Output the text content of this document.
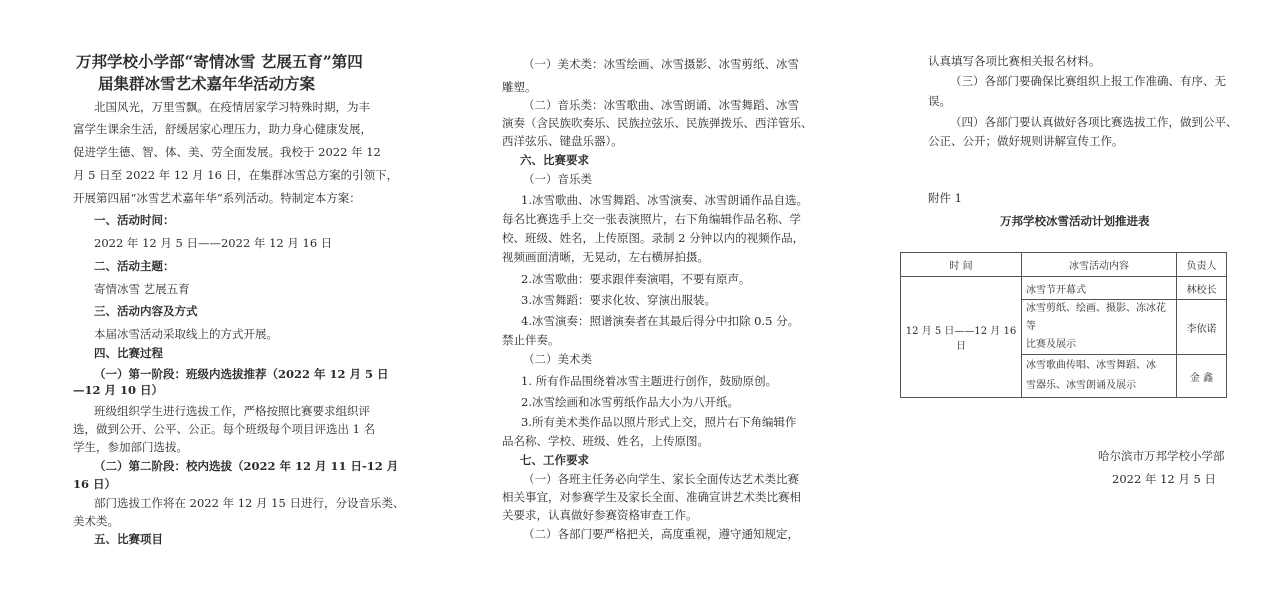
万邦学校小学部“寄情冰雪 艺展五育”第四
届集群冰雪艺术嘉年华活动方案
北国风光，万里雪飘。在疫情居家学习特殊时期，为丰
富学生课余生活，舒缓居家心理压力，助力身心健康发展，
促进学生德、智、体、美、劳全面发展。我校于 2022 年 12
月 5 日至 2022 年 12 月 16 日，在集群冰雪总方案的引领下，
开展第四届“冰雪艺术嘉年华”系列活动。特制定本方案：
一、活动时间：
2022 年 12 月 5 日——2022 年 12 月 16 日
二、活动主题：
寄情冰雪 艺展五育
三、活动内容及方式
本届冰雪活动采取线上的方式开展。
四、比赛过程
（一）第一阶段：班级内选拔推荐（2022 年 12 月 5 日
—12 月 10 日）
班级组织学生进行选拔工作，严格按照比赛要求组织评
选，做到公开、公平、公正。每个班级每个项目评选出 1 名
学生，参加部门选拔。
（二）第二阶段：校内选拔（2022 年 12 月 11 日-12 月
16 日）
部门选拔工作将在 2022 年 12 月 15 日进行，分设音乐类、
美术类。
五、比赛项目
（一）美术类：冰雪绘画、冰雪摄影、冰雪剪纸、冰雪
雕塑。
（二）音乐类：冰雪歌曲、冰雪朗诵、冰雪舞蹈、冰雪
演奏（含民族吹奏乐、民族拉弦乐、民族弹拨乐、西洋管乐、
西洋弦乐、键盘乐器）。
六、比赛要求
（一）音乐类
1.冰雪歌曲、冰雪舞蹈、冰雪演奏、冰雪朗诵作品自选。
每名比赛选手上交一张表演照片，右下角编辑作品名称、学
校、班级、姓名，上传原图。录制 2 分钟以内的视频作品，
视频画面清晰，无晃动，左右横屏拍摄。
2.冰雪歌曲：要求跟伴奏演唱，不要有原声。
3.冰雪舞蹈：要求化妆、穿演出服装。
4.冰雪演奏：照谱演奏者在其最后得分中扣除 0.5 分。
禁止伴奏。
（二）美术类
1. 所有作品围绕着冰雪主题进行创作，鼓励原创。
2.冰雪绘画和冰雪剪纸作品大小为八开纸。
3.所有美术类作品以照片形式上交，照片右下角编辑作
品名称、学校、班级、姓名，上传原图。
七、工作要求
（一）各班主任务必向学生、家长全面传达艺术类比赛
相关事宜，对参赛学生及家长全面、准确宣讲艺术类比赛相
关要求，认真做好参赛资格审查工作。
（二）各部门要严格把关，高度重视，遵守通知规定，
认真填写各项比赛相关报名材料。
（三）各部门要确保比赛组织上报工作准确、有序、无
误。
（四）各部门要认真做好各项比赛选拔工作，做到公平、
公正、公开；做好规则讲解宣传工作。
附件 1
万邦学校冰雪活动计划推进表
时 间	冰雪活动内容	负责人
12 月 5 日——12 月 16 日	冰雪节开幕式	林校长
	冰雪剪纸、绘画、摄影、冻冰花等
比赛及展示	李依诺
	冰雪歌曲传唱、冰雪舞蹈、冰
雪器乐、冰雪朗诵及展示	金 鑫
哈尔滨市万邦学校小学部
2022 年 12 月 5 日
